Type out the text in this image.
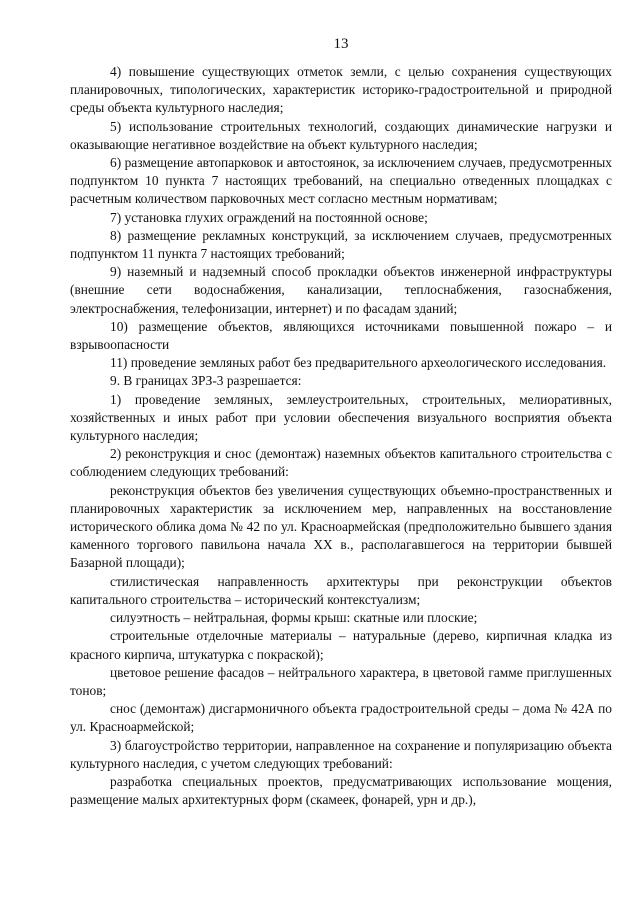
13

4) повышение существующих отметок земли, с целью сохранения существующих планировочных, типологических, характеристик историко-градостроительной и природной среды объекта культурного наследия;

5) использование строительных технологий, создающих динамические нагрузки и оказывающие негативное воздействие на объект культурного наследия;

6) размещение автопарковок и автостоянок, за исключением случаев, предусмотренных подпунктом 10 пункта 7 настоящих требований, на специально отведенных площадках с расчетным количеством парковочных мест согласно местным нормативам;

7) установка глухих ограждений на постоянной основе;

8) размещение рекламных конструкций, за исключением случаев, предусмотренных подпунктом 11 пункта 7 настоящих требований;

9) наземный и надземный способ прокладки объектов инженерной инфраструктуры (внешние сети водоснабжения, канализации, теплоснабжения, газоснабжения, электроснабжения, телефонизации, интернет) и по фасадам зданий;

10) размещение объектов, являющихся источниками повышенной пожаро – и взрывоопасности

11) проведение земляных работ без предварительного археологического исследования.

9. В границах ЗРЗ-3 разрешается:

1) проведение земляных, землеустроительных, строительных, мелиоративных, хозяйственных и иных работ при условии обеспечения визуального восприятия объекта культурного наследия;

2) реконструкция и снос (демонтаж) наземных объектов капитального строительства с соблюдением следующих требований:

реконструкция объектов без увеличения существующих объемно-пространственных и планировочных характеристик за исключением мер, направленных на восстановление исторического облика дома № 42 по ул. Красноармейская (предположительно бывшего здания каменного торгового павильона начала XX в., располагавшегося на территории бывшей Базарной площади);

стилистическая направленность архитектуры при реконструкции объектов капитального строительства – исторический контекстуализм;

силуэтность – нейтральная, формы крыш: скатные или плоские;

строительные отделочные материалы – натуральные (дерево, кирпичная кладка из красного кирпича, штукатурка с покраской);

цветовое решение фасадов – нейтрального характера, в цветовой гамме приглушенных тонов;

снос (демонтаж) дисгармоничного объекта градостроительной среды – дома № 42А по ул. Красноармейской;

3) благоустройство территории, направленное на сохранение и популяризацию объекта культурного наследия, с учетом следующих требований:

разработка специальных проектов, предусматривающих использование мощения, размещение малых архитектурных форм (скамеек, фонарей, урн и др.),
